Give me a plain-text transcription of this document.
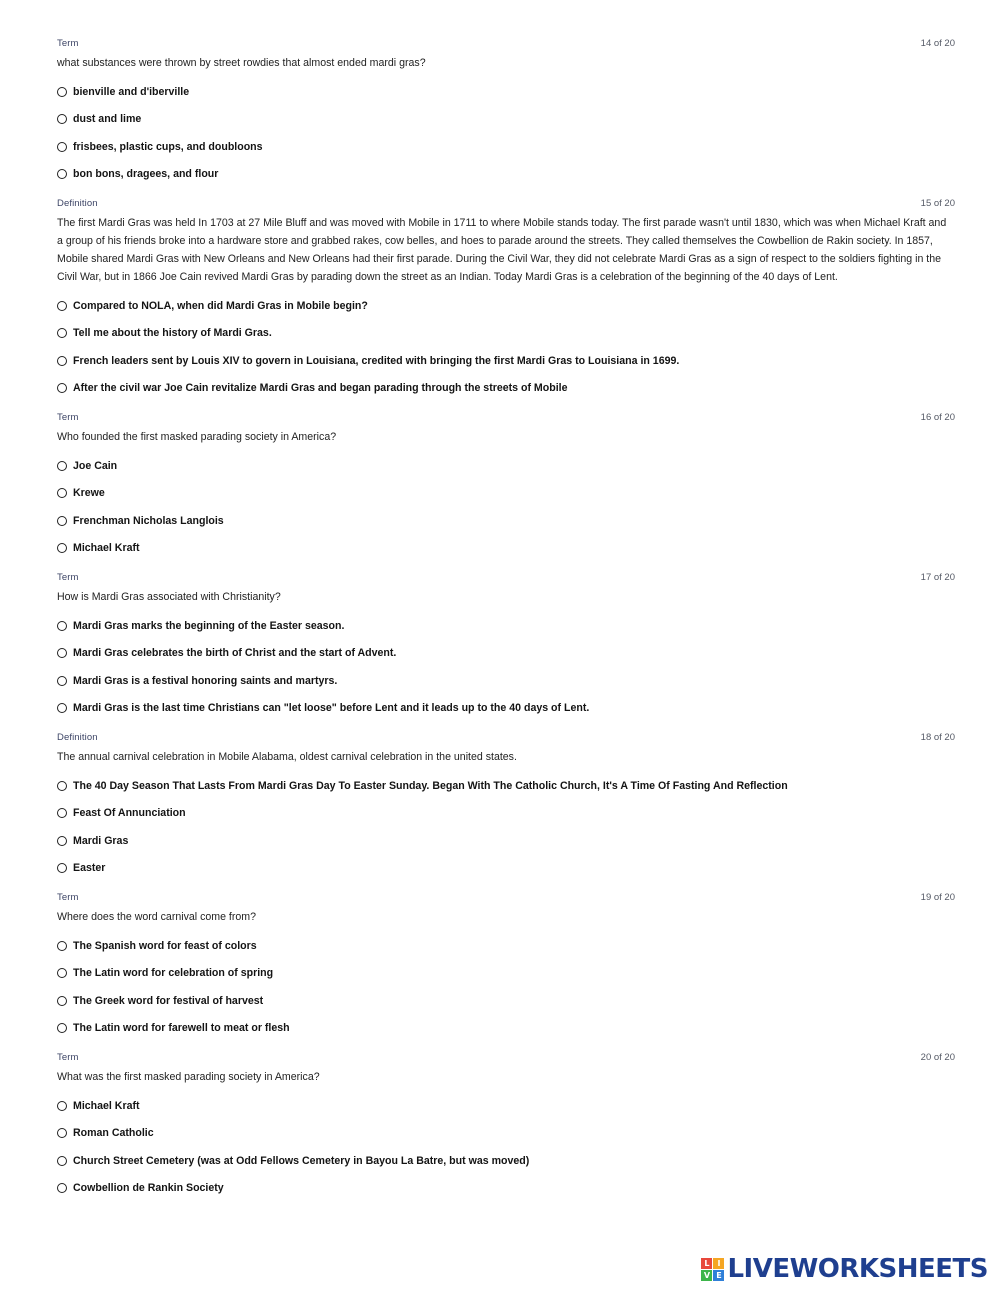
Term	14 of 20
what substances were thrown by street rowdies that almost ended mardi gras?
bienville and d'iberville
dust and lime
frisbees, plastic cups, and doubloons
bon bons, dragees, and flour
Definition	15 of 20
The first Mardi Gras was held In 1703 at 27 Mile Bluff and was moved with Mobile in 1711 to where Mobile stands today. The first parade wasn't until 1830, which was when Michael Kraft and a group of his friends broke into a hardware store and grabbed rakes, cow belles, and hoes to parade around the streets. They called themselves the Cowbellion de Rakin society. In 1857, Mobile shared Mardi Gras with New Orleans and New Orleans had their first parade. During the Civil War, they did not celebrate Mardi Gras as a sign of respect to the soldiers fighting in the Civil War, but in 1866 Joe Cain revived Mardi Gras by parading down the street as an Indian. Today Mardi Gras is a celebration of the beginning of the 40 days of Lent.
Compared to NOLA, when did Mardi Gras in Mobile begin?
Tell me about the history of Mardi Gras.
French leaders sent by Louis XIV to govern in Louisiana, credited with bringing the first Mardi Gras to Louisiana in 1699.
After the civil war Joe Cain revitalize Mardi Gras and began parading through the streets of Mobile
Term	16 of 20
Who founded the first masked parading society in America?
Joe Cain
Krewe
Frenchman Nicholas Langlois
Michael Kraft
Term	17 of 20
How is Mardi Gras associated with Christianity?
Mardi Gras marks the beginning of the Easter season.
Mardi Gras celebrates the birth of Christ and the start of Advent.
Mardi Gras is a festival honoring saints and martyrs.
Mardi Gras is the last time Christians can "let loose" before Lent and it leads up to the 40 days of Lent.
Definition	18 of 20
The annual carnival celebration in Mobile Alabama, oldest carnival celebration in the united states.
The 40 Day Season That Lasts From Mardi Gras Day To Easter Sunday. Began With The Catholic Church, It's A Time Of Fasting And Reflection
Feast Of Annunciation
Mardi Gras
Easter
Term	19 of 20
Where does the word carnival come from?
The Spanish word for feast of colors
The Latin word for celebration of spring
The Greek word for festival of harvest
The Latin word for farewell to meat or flesh
Term	20 of 20
What was the first masked parading society in America?
Michael Kraft
Roman Catholic
Church Street Cemetery (was at Odd Fellows Cemetery in Bayou La Batre, but was moved)
Cowbellion de Rankin Society
L I
V E LIVEWORKSHEETS
